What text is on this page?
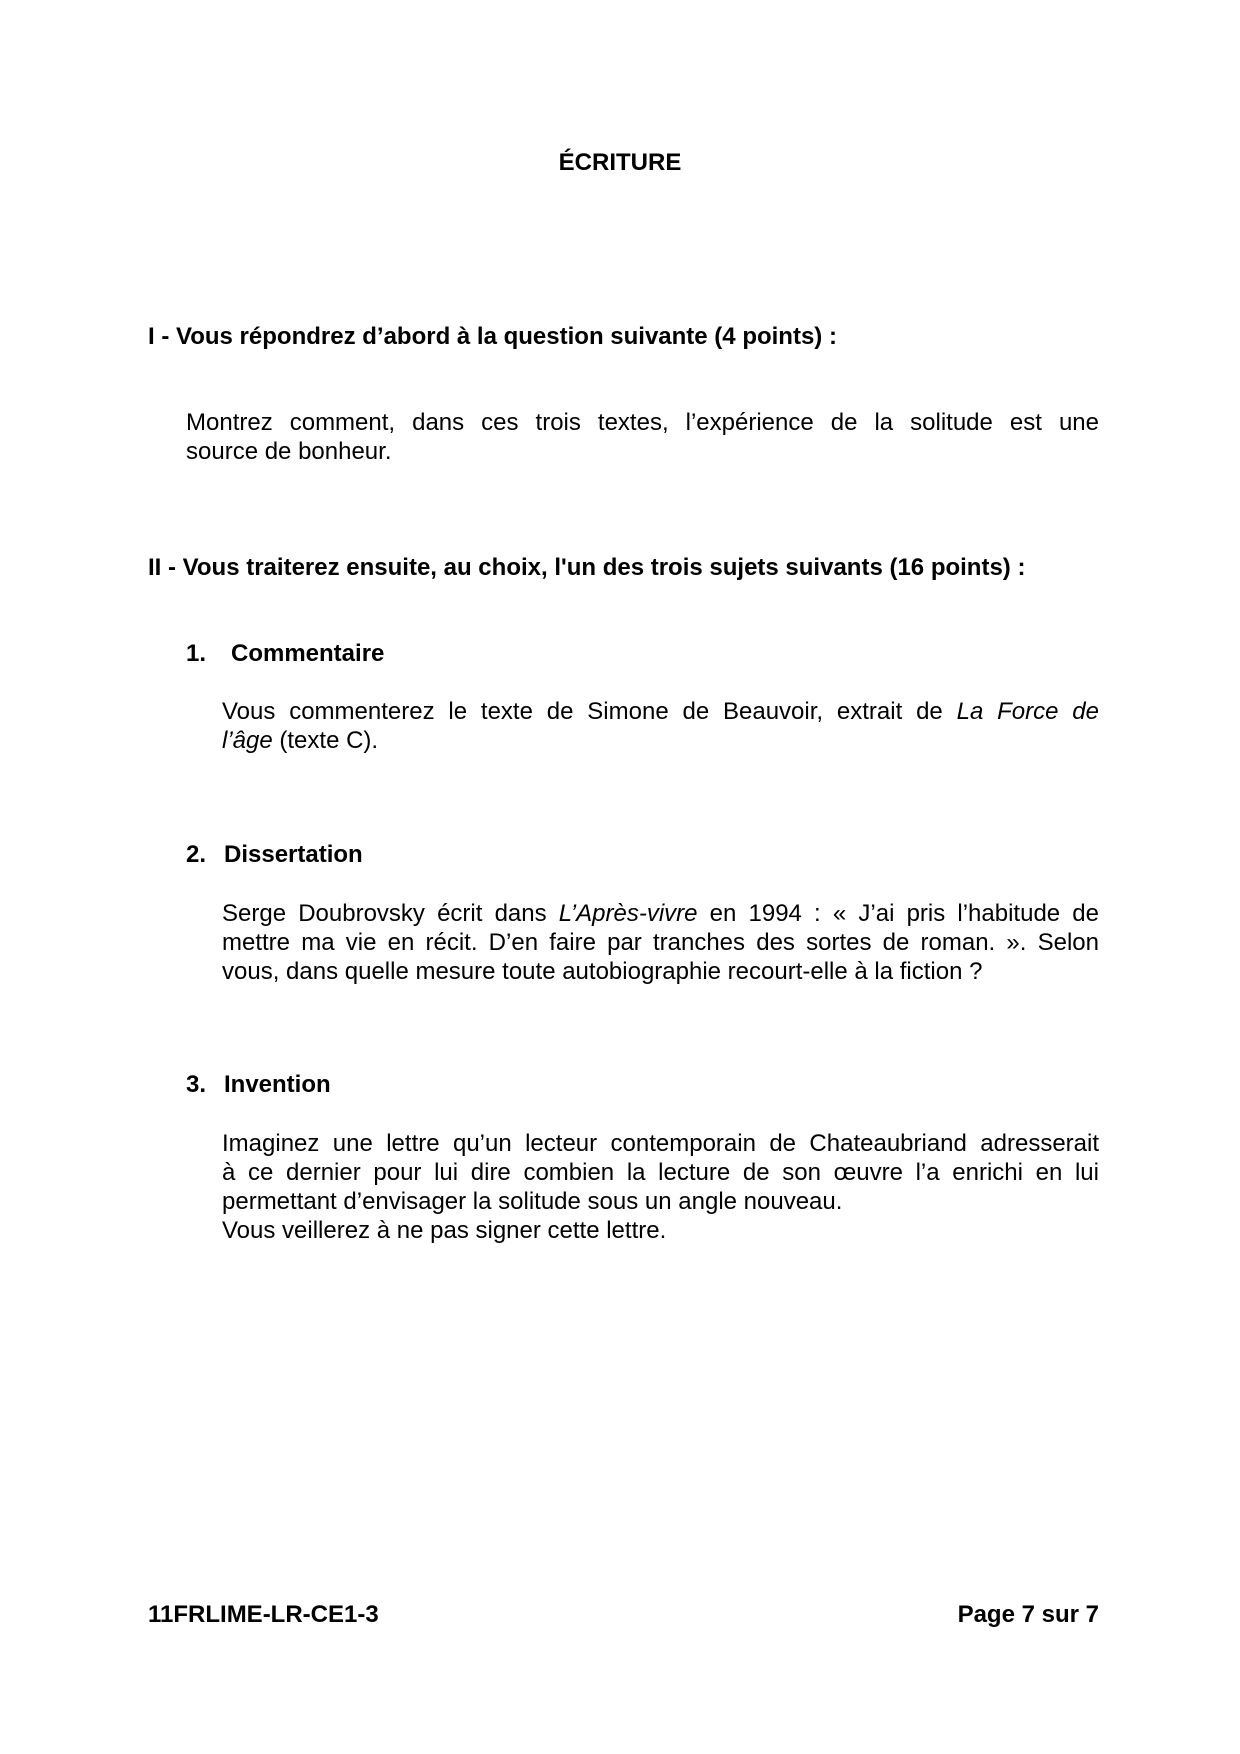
ÉCRITURE
I - Vous répondrez d’abord à la question suivante (4 points) :
Montrez comment, dans ces trois textes, l’expérience de la solitude est une
source de bonheur.
II - Vous traiterez ensuite, au choix, l'un des trois sujets suivants (16 points) :
1. Commentaire
Vous commenterez le texte de Simone de Beauvoir, extrait de La Force de
l’âge (texte C).
2. Dissertation
Serge Doubrovsky écrit dans L’Après-vivre en 1994 : « J’ai pris l’habitude de
mettre ma vie en récit. D’en faire par tranches des sortes de roman. ». Selon
vous, dans quelle mesure toute autobiographie recourt-elle à la fiction ?
3. Invention
Imaginez une lettre qu’un lecteur contemporain de Chateaubriand adresserait
à ce dernier pour lui dire combien la lecture de son œuvre l’a enrichi en lui
permettant d’envisager la solitude sous un angle nouveau.
Vous veillerez à ne pas signer cette lettre.
11FRLIME-LR-CE1-3	Page 7 sur 7
